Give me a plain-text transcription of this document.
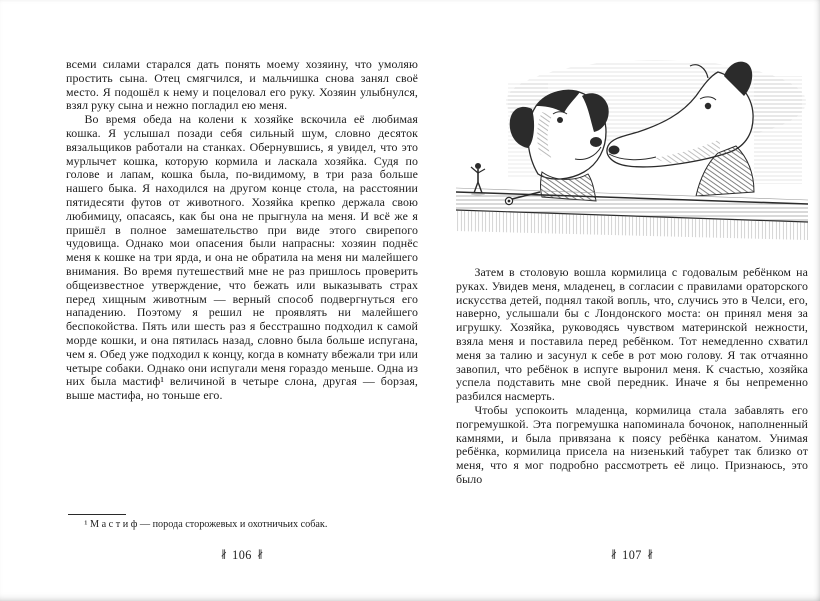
всеми силами старался дать понять моему хозяину, что умоляю простить сына. Отец смягчился, и мальчишка снова занял своё место. Я подошёл к нему и поцеловал его руку. Хозяин улыбнулся, взял руку сына и нежно погладил ею меня.

Во время обеда на колени к хозяйке вскочила её любимая кошка. Я услышал позади себя сильный шум, словно десяток вязальщиков работали на станках. Обернувшись, я увидел, что это мурлычет кошка, которую кормила и ласкала хозяйка. Судя по голове и лапам, кошка была, по-видимому, в три раза больше нашего быка. Я находился на другом конце стола, на расстоянии пятидесяти футов от животного. Хозяйка крепко держала свою любимицу, опасаясь, как бы она не прыгнула на меня. И всё же я пришёл в полное замешательство при виде этого свирепого чудовища. Однако мои опасения были напрасны: хозяин поднёс меня к кошке на три ярда, и она не обратила на меня ни малейшего внимания. Во время путешествий мне не раз пришлось проверить общеизвестное утверждение, что бежать или выказывать страх перед хищным животным — верный способ подвергнуться его нападению. Поэтому я решил не проявлять ни малейшего беспокойства. Пять или шесть раз я бесстрашно подходил к самой морде кошки, и она пятилась назад, словно была больше испугана, чем я. Обед уже подходил к концу, когда в комнату вбежали три или четыре собаки. Однако они испугали меня гораздо меньше. Одна из них была мастиф¹ величиной в четыре слона, другая — борзая, выше мастифа, но тоньше его.

¹ М а с т и ф — порода сторожевых и охотничьих собак.

∦ 106 ∦

Затем в столовую вошла кормилица с годовалым ребёнком на руках. Увидев меня, младенец, в согласии с правилами ораторского искусства детей, поднял такой вопль, что, случись это в Челси, его, наверно, услышали бы с Лондонского моста: он принял меня за игрушку. Хозяйка, руководясь чувством материнской нежности, взяла меня и поставила перед ребёнком. Тот немедленно схватил меня за талию и засунул к себе в рот мою голову. Я так отчаянно завопил, что ребёнок в испуге выронил меня. К счастью, хозяйка успела подставить мне свой передник. Иначе я бы непременно разбился насмерть.

Чтобы успокоить младенца, кормилица стала забавлять его погремушкой. Эта погремушка напоминала бочонок, наполненный камнями, и была привязана к поясу ребёнка канатом. Унимая ребёнка, кормилица присела на низенький табурет так близко от меня, что я мог подробно рассмотреть её лицо. Признаюсь, это было

∦ 107 ∦
